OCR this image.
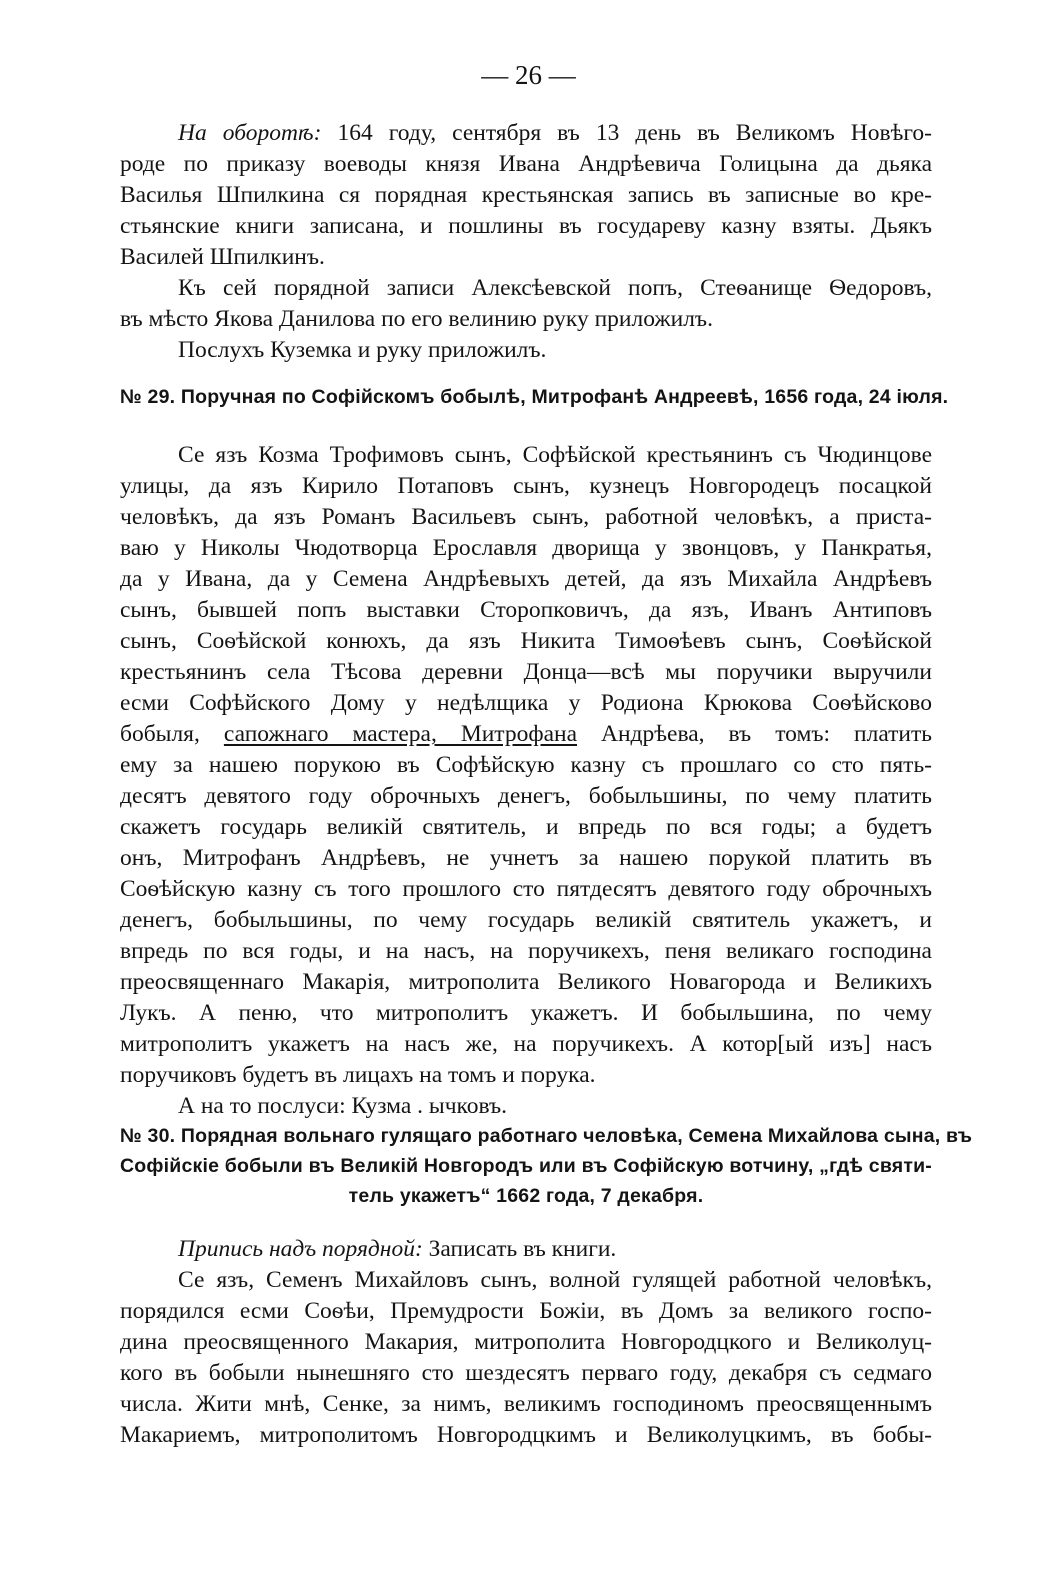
— 26 —
На оборотѣ: 164 году, сентября въ 13 день въ Великомъ Новѣго-
роде по приказу воеводы князя Ивана Андрѣевича Голицына да дьяка
Василья Шпилкина ся порядная крестьянская запись въ записные во кре-
стьянские книги записана, и пошлины въ государеву казну взяты. Дьякъ
Василей Шпилкинъ.
Къ сей порядной записи Алексѣевской попъ, Стеѳанище Ѳедоровъ,
въ мѣсто Якова Данилова по его велинию руку приложилъ.
Послухъ Куземка и руку приложилъ.
№ 29. Поручная по Софійскомъ бобылѣ, Митрофанѣ Андреевѣ, 1656 года, 24 іюля.
Се язъ Козма Трофимовъ сынъ, Софѣйской крестьянинъ съ Чюдинцове
улицы, да язъ Кирило Потаповъ сынъ, кузнецъ Новгородецъ посацкой
человѣкъ, да язъ Романъ Васильевъ сынъ, работной человѣкъ, а приста-
ваю у Николы Чюдотворца Ерославля дворища у звонцовъ, у Панкратья,
да у Ивана, да у Семена Андрѣевыхъ детей, да язъ Михайла Андрѣевъ
сынъ, бывшей попъ выставки Сторопковичъ, да язъ, Иванъ Антиповъ
сынъ, Соѳѣйской конюхъ, да язъ Никита Тимоѳѣевъ сынъ, Соѳѣйской
крестьянинъ села Тѣсова деревни Донца—всѣ мы поручики выручили
есми Софѣйского Дому у недѣлщика у Родиона Крюкова Соѳѣйсково
бобыля, сапожнаго мастера, Митрофана Андрѣева, въ томъ: платить
ему за нашею порукою въ Софѣйскую казну съ прошлаго со сто пять-
десятъ девятого году оброчныхъ денегъ, бобыльшины, по чему платить
скажетъ государь великій святитель, и впредь по вся годы; а будетъ
онъ, Митрофанъ Андрѣевъ, не учнетъ за нашею порукой платить въ
Соѳѣйскую казну съ того прошлого сто пятдесятъ девятого году оброчныхъ
денегъ, бобыльшины, по чему государь великій святитель укажетъ, и
впредь по вся годы, и на насъ, на поручикехъ, пеня великаго господина
преосвященнаго Макарія, митрополита Великого Новагорода и Великихъ
Лукъ. А пеню, что митрополитъ укажетъ. И бобыльшина, по чему
митрополитъ укажетъ на насъ же, на поручикехъ. А котор[ый изъ] насъ
поручиковъ будетъ въ лицахъ на томъ и порука.
А на то послуси: Кузма . ычковъ.
№ 30. Порядная вольнаго гулящаго работнаго человѣка, Семена Михайлова сына, въ
Софійскіе бобыли въ Великій Новгородъ или въ Софійскую вотчину, „гдѣ святи-
тель укажетъ“ 1662 года, 7 декабря.
Припись надъ порядной: Записать въ книги.
Се язъ, Семенъ Михайловъ сынъ, волной гулящей работной человѣкъ,
порядился есми Соѳѣи, Премудрости Божіи, въ Домъ за великого госпо-
дина преосвященного Макария, митрополита Новгородцкого и Великолуц-
кого въ бобыли нынешняго сто шездесятъ перваго году, декабря съ седмаго
числа. Жити мнѣ, Сенке, за нимъ, великимъ господиномъ преосвященнымъ
Макариемъ, митрополитомъ Новгородцкимъ и Великолуцкимъ, въ бобы-
